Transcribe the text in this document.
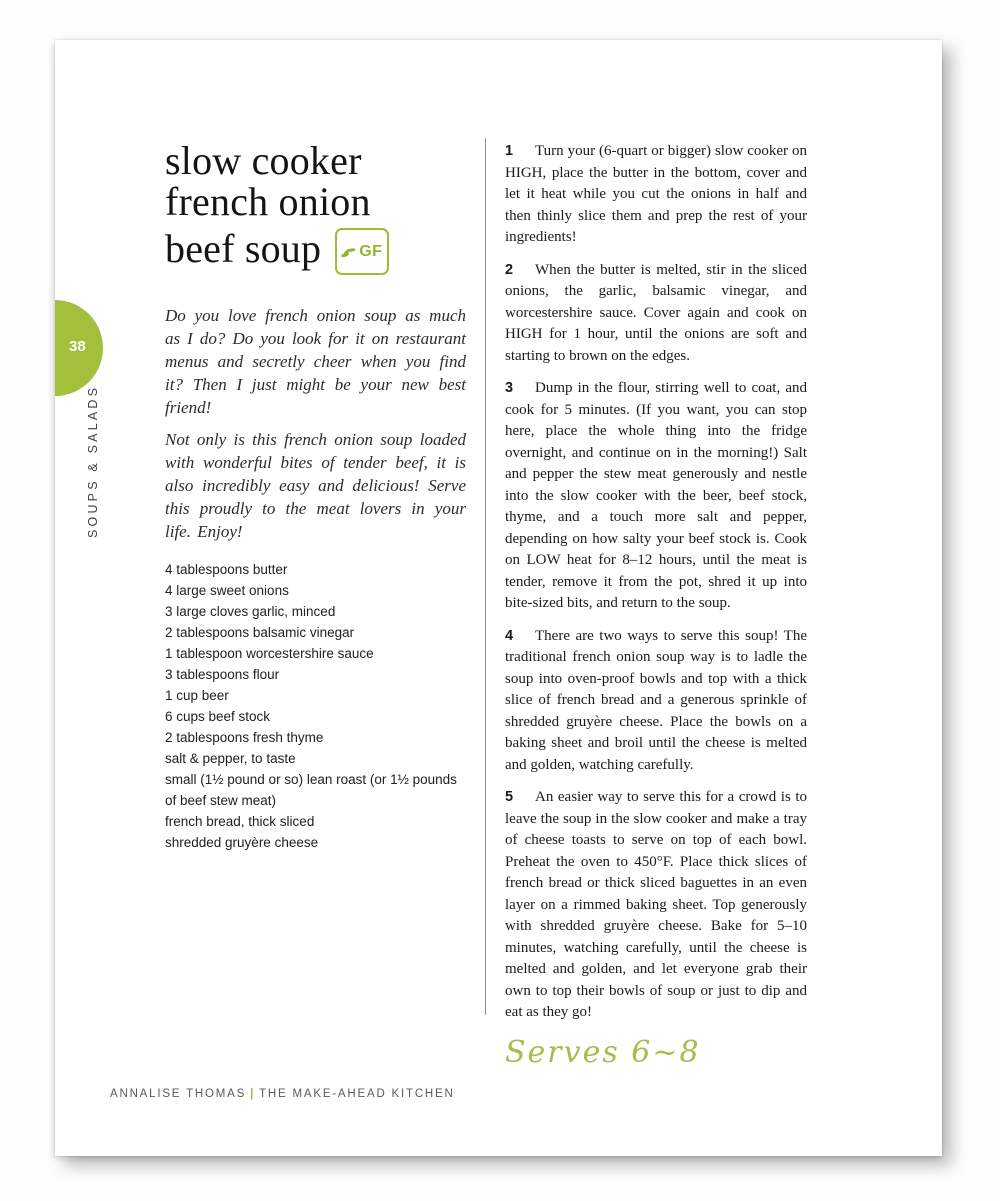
38
SOUPS & SALADS
slow cooker
french onion
beef soup GF

Do you love french onion soup as much as I do? Do you look for it on restaurant menus and secretly cheer when you find it? Then I just might be your new best friend!

Not only is this french onion soup loaded with wonderful bites of tender beef, it is also incredibly easy and delicious! Serve this proudly to the meat lovers in your life. Enjoy!

4 tablespoons butter
4 large sweet onions
3 large cloves garlic, minced
2 tablespoons balsamic vinegar
1 tablespoon worcestershire sauce
3 tablespoons flour
1 cup beer
6 cups beef stock
2 tablespoons fresh thyme
salt & pepper, to taste
small (1½ pound or so) lean roast (or 1½ pounds of beef stew meat)
french bread, thick sliced
shredded gruyère cheese

1 Turn your (6-quart or bigger) slow cooker on HIGH, place the butter in the bottom, cover and let it heat while you cut the onions in half and then thinly slice them and prep the rest of your ingredients!

2 When the butter is melted, stir in the sliced onions, the garlic, balsamic vinegar, and worcestershire sauce. Cover again and cook on HIGH for 1 hour, until the onions are soft and starting to brown on the edges.

3 Dump in the flour, stirring well to coat, and cook for 5 minutes. (If you want, you can stop here, place the whole thing into the fridge overnight, and continue on in the morning!) Salt and pepper the stew meat generously and nestle into the slow cooker with the beer, beef stock, thyme, and a touch more salt and pepper, depending on how salty your beef stock is. Cook on LOW heat for 8–12 hours, until the meat is tender, remove it from the pot, shred it up into bite-sized bits, and return to the soup.

4 There are two ways to serve this soup! The traditional french onion soup way is to ladle the soup into oven-proof bowls and top with a thick slice of french bread and a generous sprinkle of shredded gruyère cheese. Place the bowls on a baking sheet and broil until the cheese is melted and golden, watching carefully.

5 An easier way to serve this for a crowd is to leave the soup in the slow cooker and make a tray of cheese toasts to serve on top of each bowl. Preheat the oven to 450°F. Place thick slices of french bread or thick sliced baguettes in an even layer on a rimmed baking sheet. Top generously with shredded gruyère cheese. Bake for 5–10 minutes, watching carefully, until the cheese is melted and golden, and let everyone grab their own to top their bowls of soup or just to dip and eat as they go!

Serves 6~8
ANNALISE THOMAS | THE MAKE-AHEAD KITCHEN
